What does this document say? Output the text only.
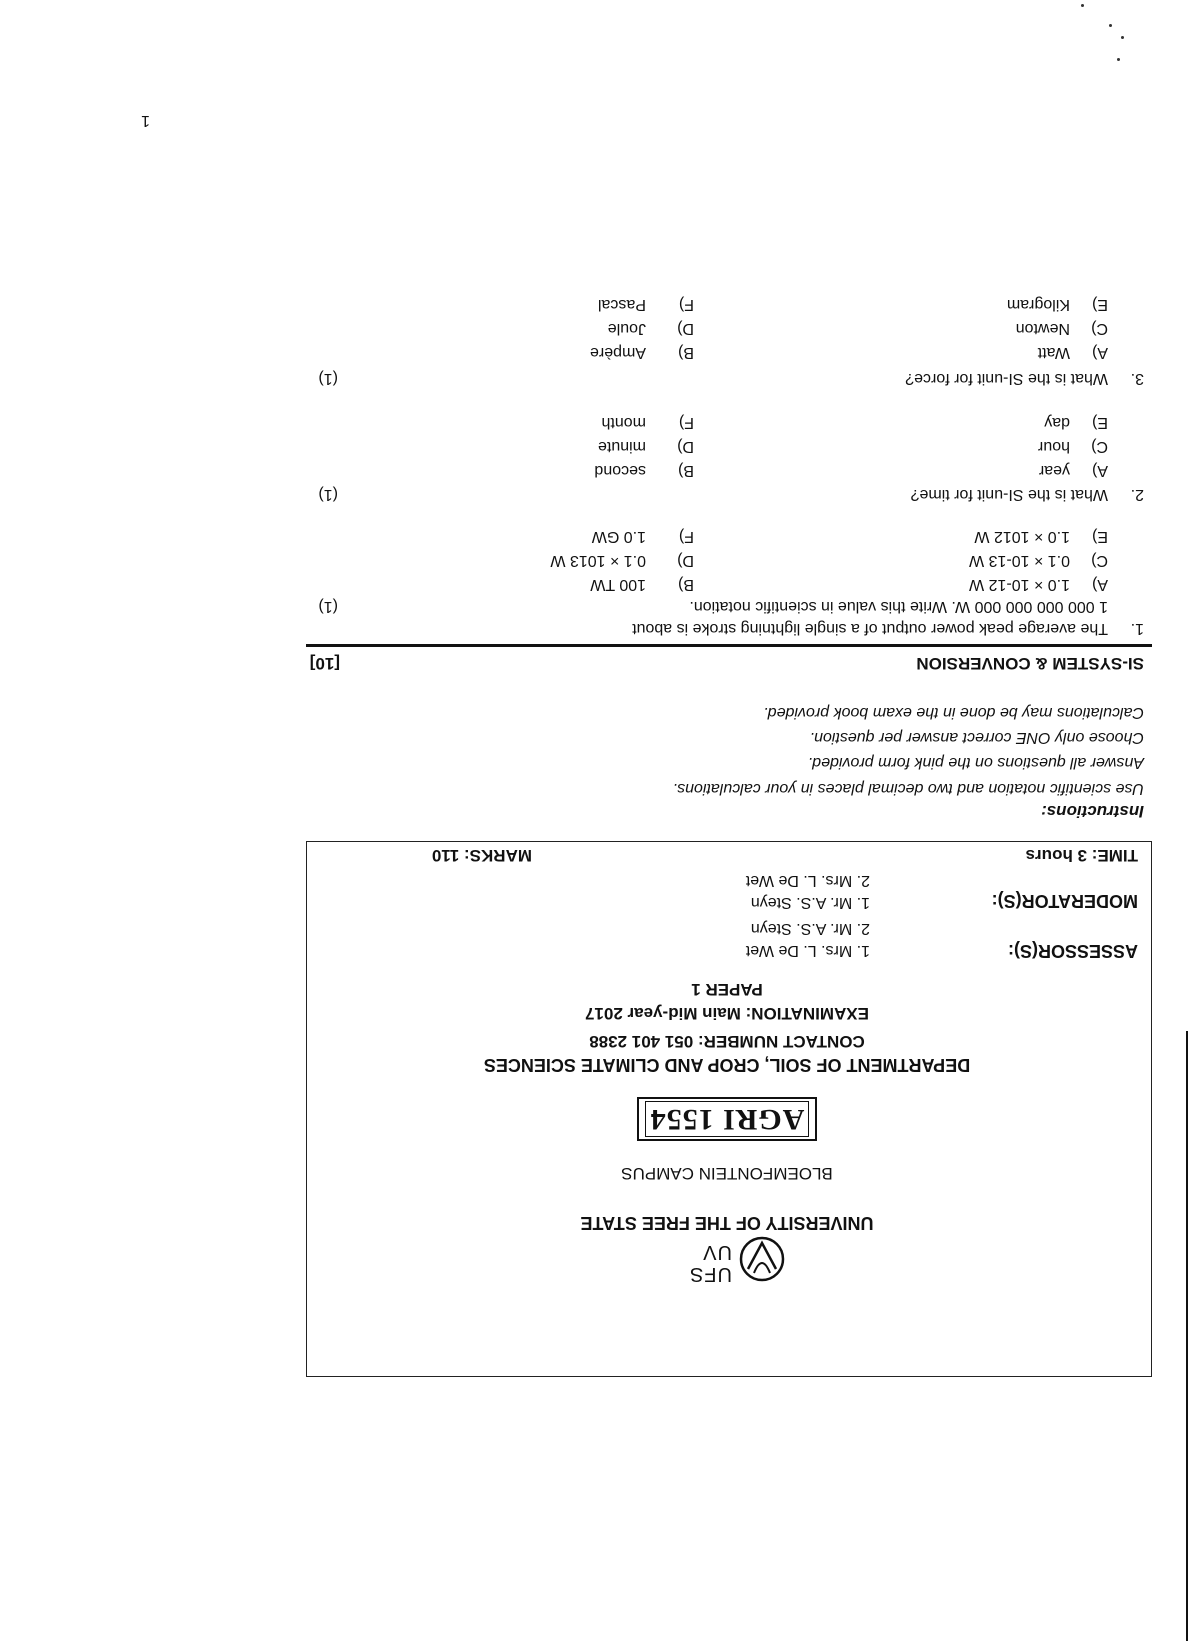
UFS
UV
UNIVERSITY OF THE FREE STATE
BLOEMFONTEIN CAMPUS
AGRI 1554
DEPARTMENT OF SOIL, CROP AND CLIMATE SCIENCES
CONTACT NUMBER: 051 401 2388
EXAMINATION: Main Mid-year 2017
PAPER 1
ASSESSOR(S):
1. Mrs. L. De Wet
2. Mr. A.S. Steyn
MODERATOR(S):
1. Mr. A.S. Steyn
2. Mrs. L. De Wet
TIME: 3 hours
MARKS: 110
Instructions:
Use scientific notation and two decimal places in your calculations.
Answer all questions on the pink form provided.
Choose only ONE correct answer per question.
Calculations may be done in the exam book provided.
SI-SYSTEM & CONVERSION
[10]
1.
The average peak power output of a single lightning stroke is about
1 000 000 000 000 W. Write this value in scientific notation.
(1)
A)
1.0 × 10-12 W
B)
100 TW
C)
0.1 × 10-13 W
D)
0.1 × 1013 W
E)
1.0 × 1012 W
F)
1.0 GW
2.
What is the SI-unit for time?
(1)
A)
year
B)
second
C)
hour
D)
minute
E)
day
F)
month
3.
What is the SI-unit for force?
(1)
A)
Watt
B)
Ampère
C)
Newton
D)
Joule
E)
Kilogram
F)
Pascal
1
